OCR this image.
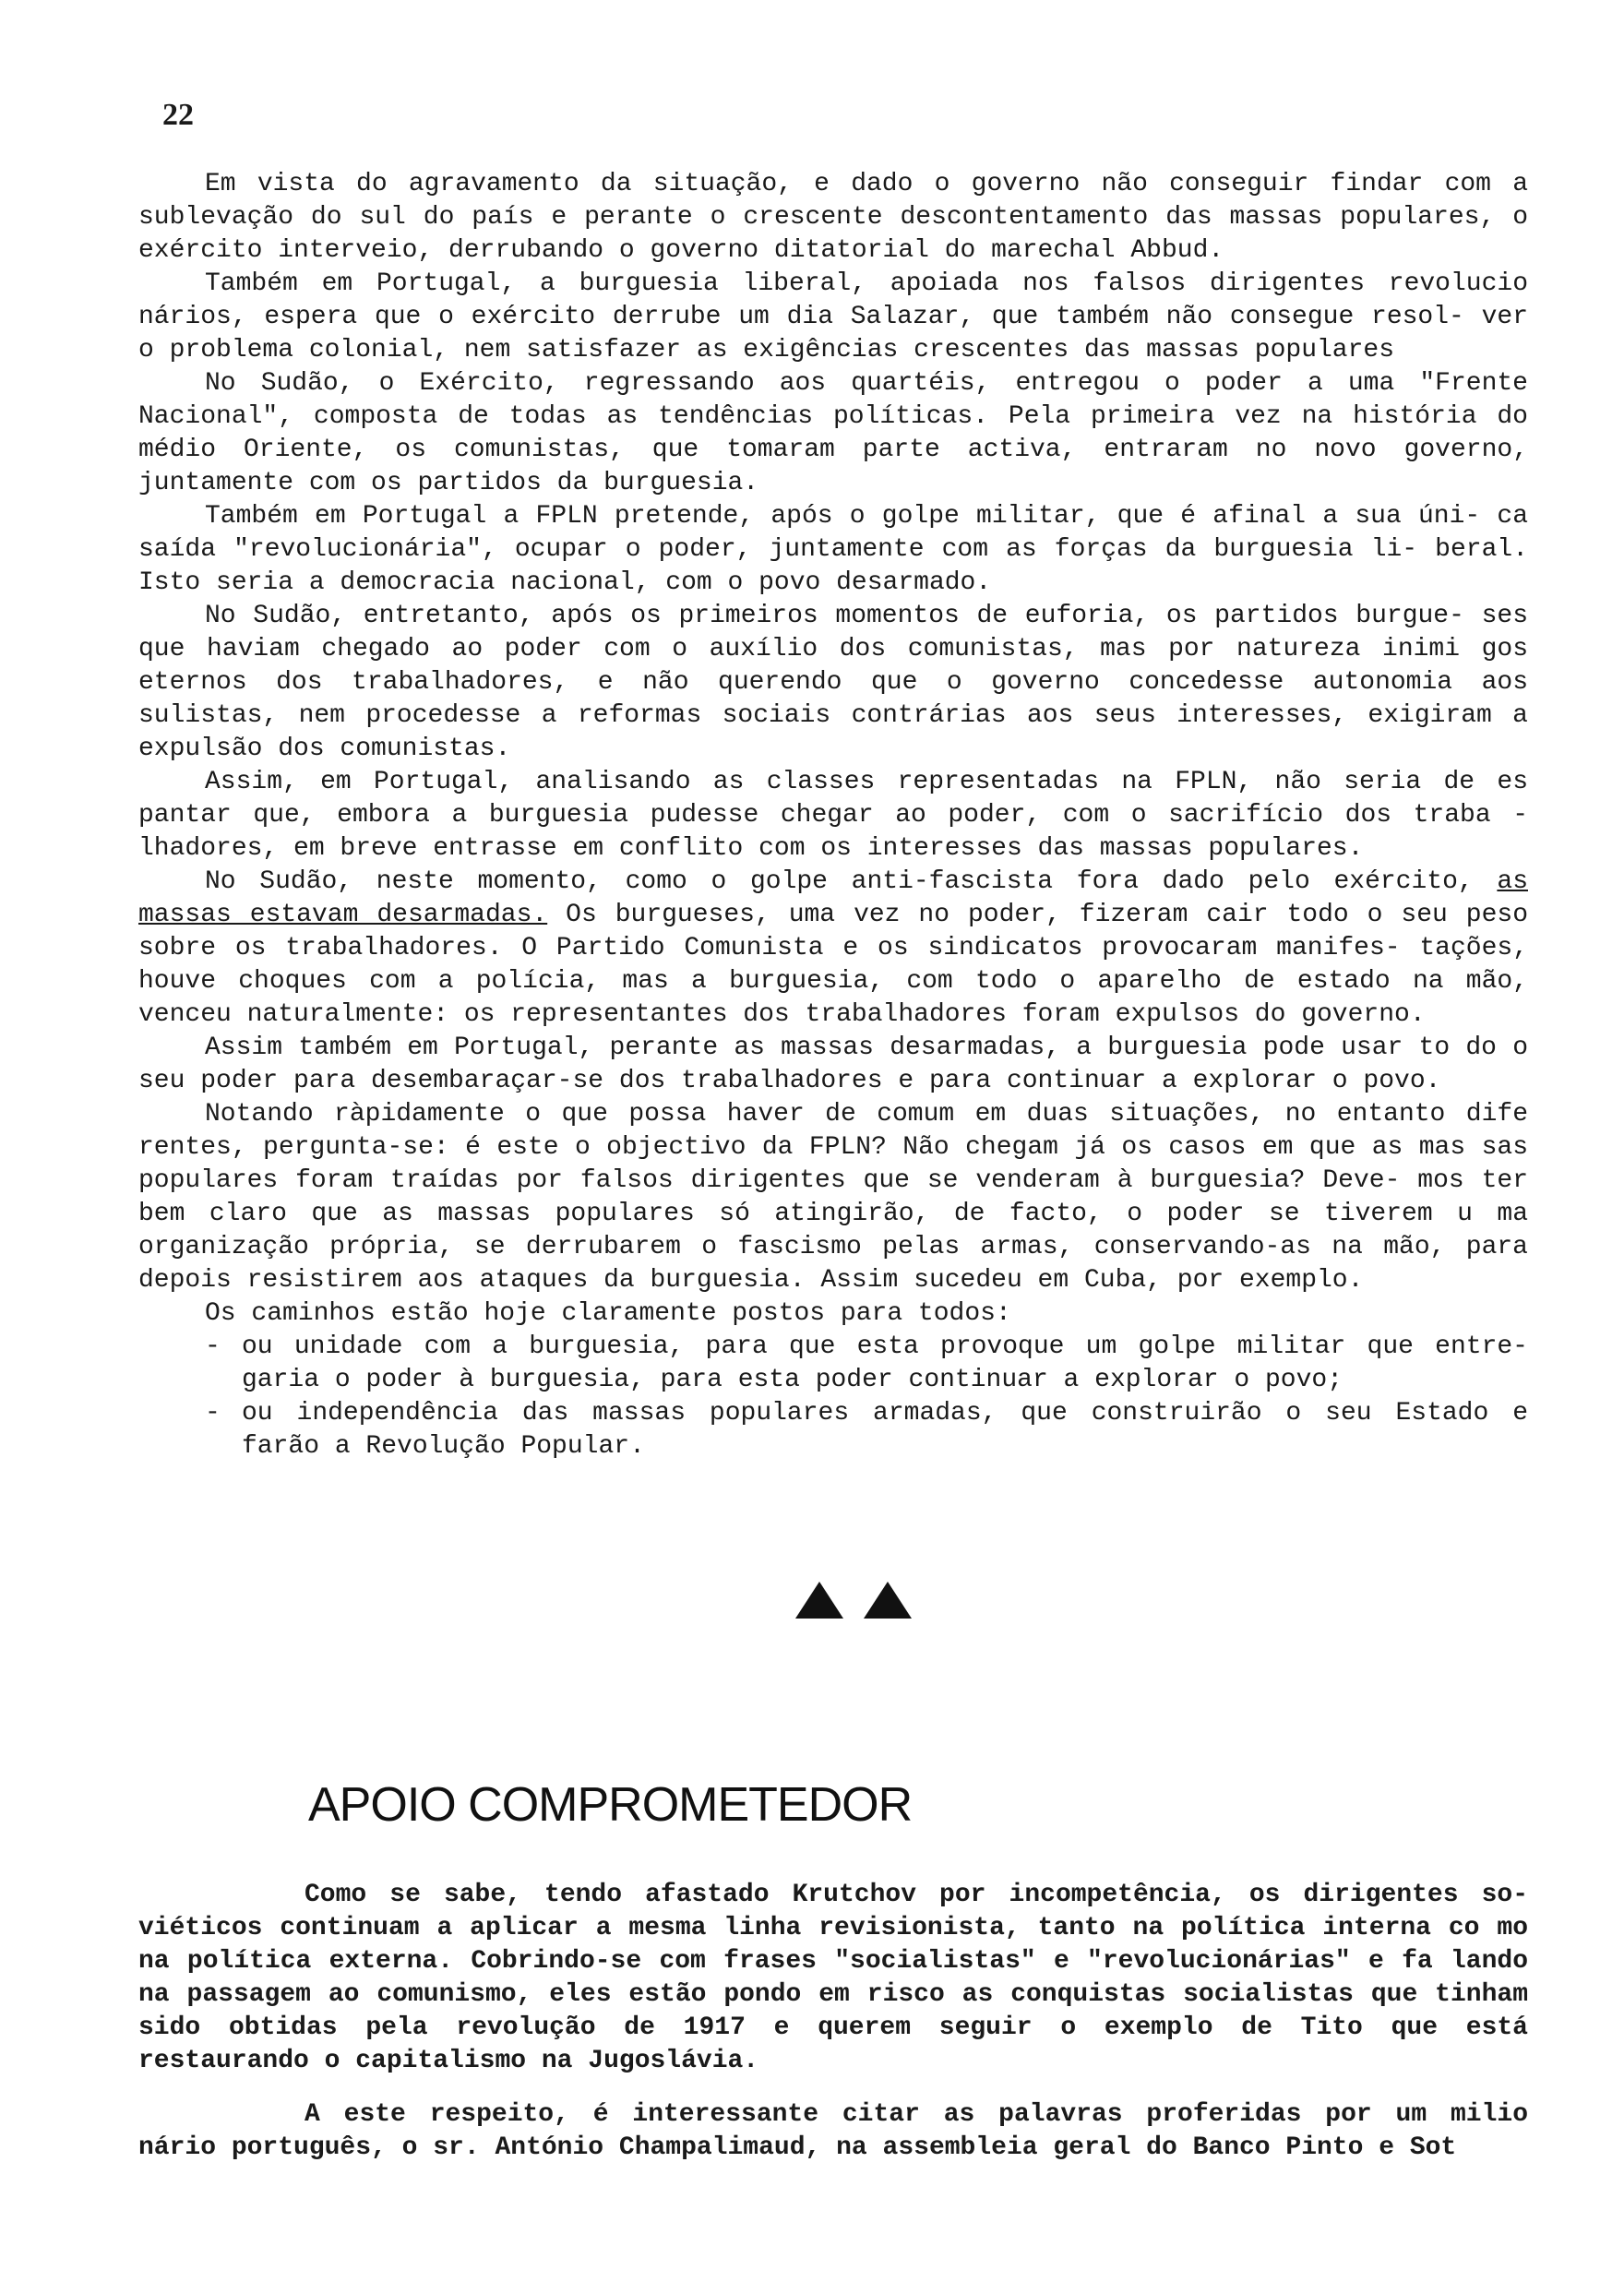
22

Em vista do agravamento da situação, e dado o governo não conseguir findar com a sublevação do sul do país e perante o crescente descontentamento das massas populares, o exército interveio, derrubando o governo ditatorial do marechal Abbud.

Também em Portugal, a burguesia liberal, apoiada nos falsos dirigentes revolucio nários, espera que o exército derrube um dia Salazar, que também não consegue resol- ver o problema colonial, nem satisfazer as exigências crescentes das massas populares

No Sudão, o Exército, regressando aos quartéis, entregou o poder a uma "Frente Nacional", composta de todas as tendências políticas. Pela primeira vez na história do médio Oriente, os comunistas, que tomaram parte activa, entraram no novo governo, juntamente com os partidos da burguesia.

Também em Portugal a FPLN pretende, após o golpe militar, que é afinal a sua úni- ca saída "revolucionária", ocupar o poder, juntamente com as forças da burguesia li- beral. Isto seria a democracia nacional, com o povo desarmado.

No Sudão, entretanto, após os primeiros momentos de euforia, os partidos burgue- ses que haviam chegado ao poder com o auxílio dos comunistas, mas por natureza inimi gos eternos dos trabalhadores, e não querendo que o governo concedesse autonomia aos sulistas, nem procedesse a reformas sociais contrárias aos seus interesses, exigiram a expulsão dos comunistas.

Assim, em Portugal, analisando as classes representadas na FPLN, não seria de es pantar que, embora a burguesia pudesse chegar ao poder, com o sacrifício dos traba - lhadores, em breve entrasse em conflito com os interesses das massas populares.

No Sudão, neste momento, como o golpe anti-fascista fora dado pelo exército, as massas estavam desarmadas. Os burgueses, uma vez no poder, fizeram cair todo o seu peso sobre os trabalhadores. O Partido Comunista e os sindicatos provocaram manifes- tações, houve choques com a polícia, mas a burguesia, com todo o aparelho de estado na mão, venceu naturalmente: os representantes dos trabalhadores foram expulsos do governo.

Assim também em Portugal, perante as massas desarmadas, a burguesia pode usar to do o seu poder para desembaraçar-se dos trabalhadores e para continuar a explorar o povo.

Notando ràpidamente o que possa haver de comum em duas situações, no entanto dife rentes, pergunta-se: é este o objectivo da FPLN? Não chegam já os casos em que as mas sas populares foram traídas por falsos dirigentes que se venderam à burguesia? Deve- mos ter bem claro que as massas populares só atingirão, de facto, o poder se tiverem u ma organização própria, se derrubarem o fascismo pelas armas, conservando-as na mão, para depois resistirem aos ataques da burguesia. Assim sucedeu em Cuba, por exemplo.

Os caminhos estão hoje claramente postos para todos:
- ou unidade com a burguesia, para que esta provoque um golpe militar que entre- garia o poder à burguesia, para esta poder continuar a explorar o povo;
- ou independência das massas populares armadas, que construirão o seu Estado e farão a Revolução Popular.
APOIO COMPROMETEDOR

Como se sabe, tendo afastado Krutchov por incompetência, os dirigentes so- viéticos continuam a aplicar a mesma linha revisionista, tanto na política interna co mo na política externa. Cobrindo-se com frases "socialistas" e "revolucionárias" e fa lando na passagem ao comunismo, eles estão pondo em risco as conquistas socialistas que tinham sido obtidas pela revolução de 1917 e querem seguir o exemplo de Tito que está restaurando o capitalismo na Jugoslávia.

A este respeito, é interessante citar as palavras proferidas por um milio nário português, o sr. António Champalimaud, na assembleia geral do Banco Pinto e Sot
